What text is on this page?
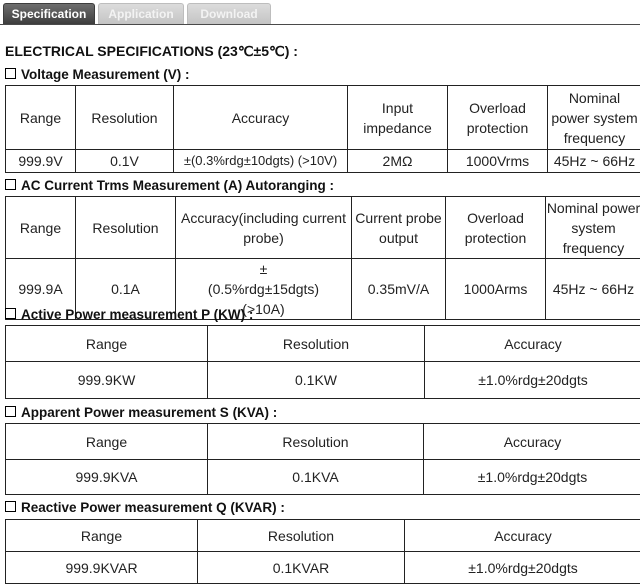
Specification	Application	Download
ELECTRICAL SPECIFICATIONS (23℃±5℃) :
Voltage Measurement (V) :
Range	Resolution	Accuracy	Input impedance	Overload protection	Nominal power system frequency
999.9V	0.1V	±(0.3%rdg±10dgts) (>10V)	2MΩ	1000Vrms	45Hz ~ 66Hz
AC Current Trms Measurement (A) Autoranging :
Range	Resolution	Accuracy(including current probe)	Current probe output	Overload protection	Nominal power system frequency
999.9A	0.1A	±(0.5%rdg±15dgts) (>10A)	0.35mV/A	1000Arms	45Hz ~ 66Hz
Active Power measurement P (KW) :
Range	Resolution	Accuracy
999.9KW	0.1KW	±1.0%rdg±20dgts
Apparent Power measurement S (KVA) :
Range	Resolution	Accuracy
999.9KVA	0.1KVA	±1.0%rdg±20dgts
Reactive Power measurement Q (KVAR) :
Range	Resolution	Accuracy
999.9KVAR	0.1KVAR	±1.0%rdg±20dgts
